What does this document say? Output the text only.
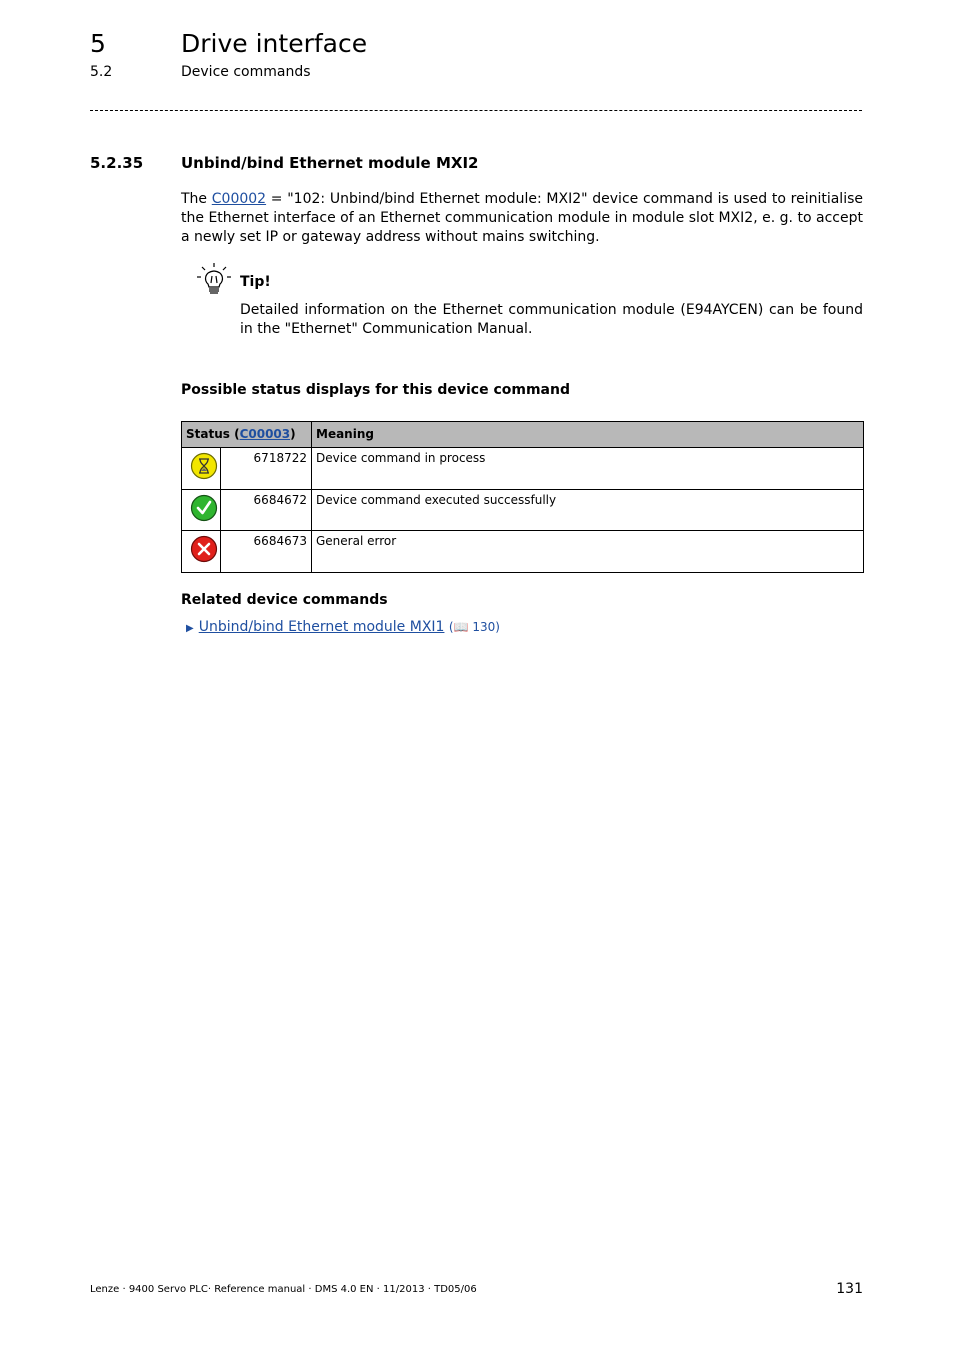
5	Drive interface
5.2	Device commands
5.2.35	Unbind/bind Ethernet module MXI2
The C00002 = "102: Unbind/bind Ethernet module: MXI2" device command is used to reinitialise the Ethernet interface of an Ethernet communication module in module slot MXI2, e. g. to accept a newly set IP or gateway address without mains switching.
Tip!
Detailed information on the Ethernet communication module (E94AYCEN) can be found in the "Ethernet" Communication Manual.
Possible status displays for this device command
Status (C00003)		Meaning

	6718722	Device command in process

	6684672	Device command executed successfully

	6684673	General error
Related device commands
▶ Unbind/bind Ethernet module MXI1 (📖 130)
Lenze · 9400 Servo PLC· Reference manual · DMS 4.0 EN · 11/2013 · TD05/06	131
